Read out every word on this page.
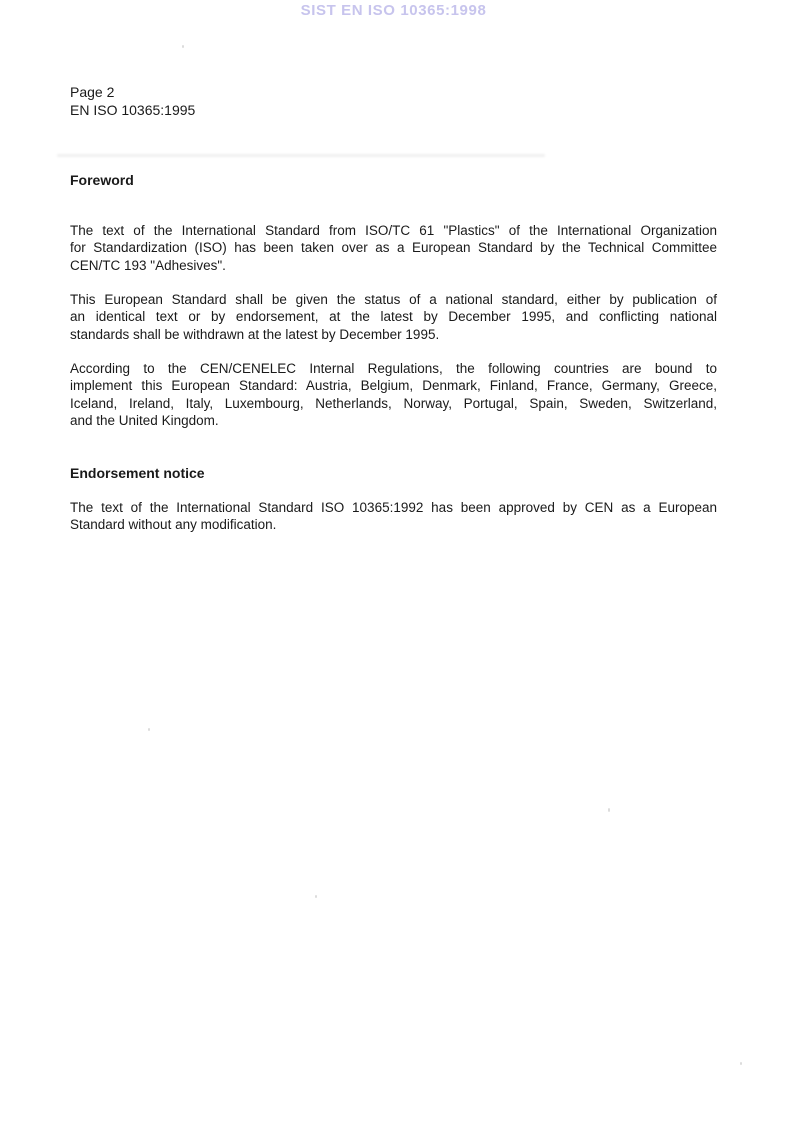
SIST EN ISO 10365:1998
Page 2
EN ISO 10365:1995
Foreword
The text of the International Standard from ISO/TC 61 "Plastics" of the International Organization
for Standardization (ISO) has been taken over as a European Standard by the Technical Committee
CEN/TC 193 "Adhesives".
This European Standard shall be given the status of a national standard, either by publication of
an identical text or by endorsement, at the latest by December 1995, and conflicting national
standards shall be withdrawn at the latest by December 1995.
According to the CEN/CENELEC Internal Regulations, the following countries are bound to
implement this European Standard: Austria, Belgium, Denmark, Finland, France, Germany, Greece,
Iceland, Ireland, Italy, Luxembourg, Netherlands, Norway, Portugal, Spain, Sweden, Switzerland,
and the United Kingdom.
Endorsement notice
The text of the International Standard ISO 10365:1992 has been approved by CEN as a European
Standard without any modification.
